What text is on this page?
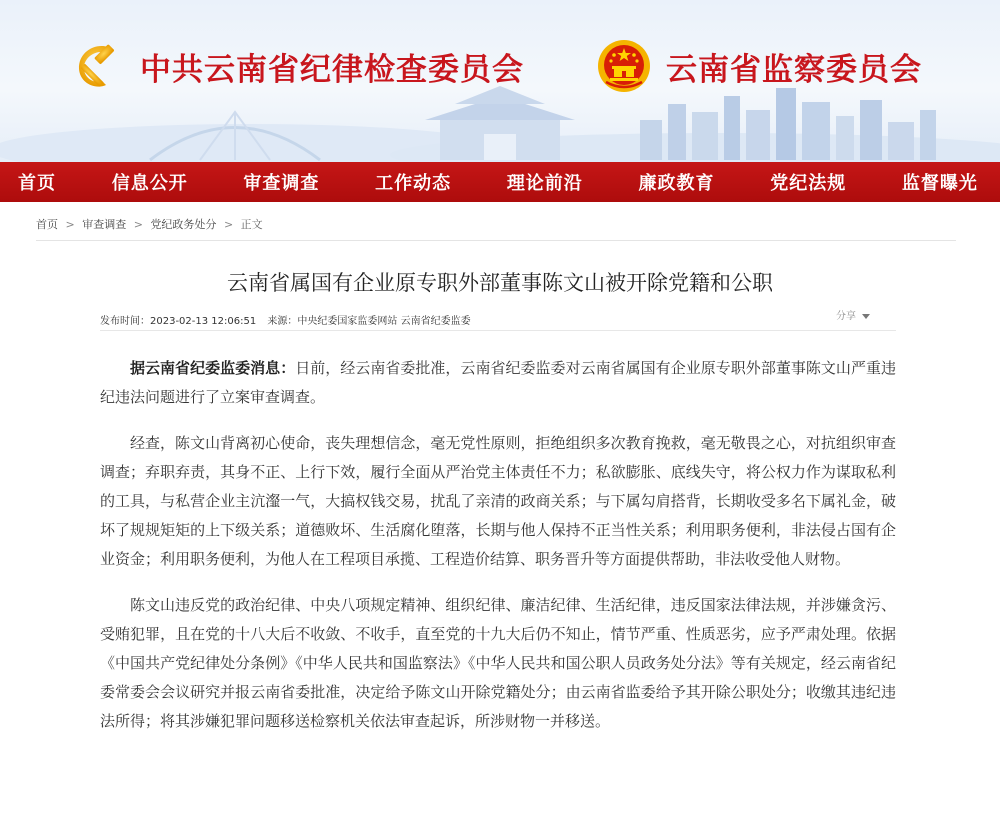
中共云南省纪律检查委员会	云南省监察委员会
首页	信息公开	审查调查	工作动态	理论前沿	廉政教育	党纪法规	监督曝光
首页 > 审查调查 > 党纪政务处分 > 正文
云南省属国有企业原专职外部董事陈文山被开除党籍和公职
发布时间：2023-02-13 12:06:51 来源：中央纪委国家监委网站 云南省纪委监委	分享

据云南省纪委监委消息：日前，经云南省委批准，云南省纪委监委对云南省属国有企业原专职外部董事陈文山严重违纪违法问题进行了立案审查调查。

经查，陈文山背离初心使命，丧失理想信念，毫无党性原则，拒绝组织多次教育挽救，毫无敬畏之心，对抗组织审查调查；弃职弃责，其身不正、上行下效，履行全面从严治党主体责任不力；私欲膨胀、底线失守，将公权力作为谋取私利的工具，与私营企业主沆瀣一气，大搞权钱交易，扰乱了亲清的政商关系；与下属勾肩搭背，长期收受多名下属礼金，破坏了规规矩矩的上下级关系；道德败坏、生活腐化堕落，长期与他人保持不正当性关系；利用职务便利，非法侵占国有企业资金；利用职务便利，为他人在工程项目承揽、工程造价结算、职务晋升等方面提供帮助，非法收受他人财物。

陈文山违反党的政治纪律、中央八项规定精神、组织纪律、廉洁纪律、生活纪律，违反国家法律法规，并涉嫌贪污、受贿犯罪，且在党的十八大后不收敛、不收手，直至党的十九大后仍不知止，情节严重、性质恶劣，应予严肃处理。依据《中国共产党纪律处分条例》《中华人民共和国监察法》《中华人民共和国公职人员政务处分法》等有关规定，经云南省纪委常委会会议研究并报云南省委批准，决定给予陈文山开除党籍处分；由云南省监委给予其开除公职处分；收缴其违纪违法所得；将其涉嫌犯罪问题移送检察机关依法审查起诉，所涉财物一并移送。
